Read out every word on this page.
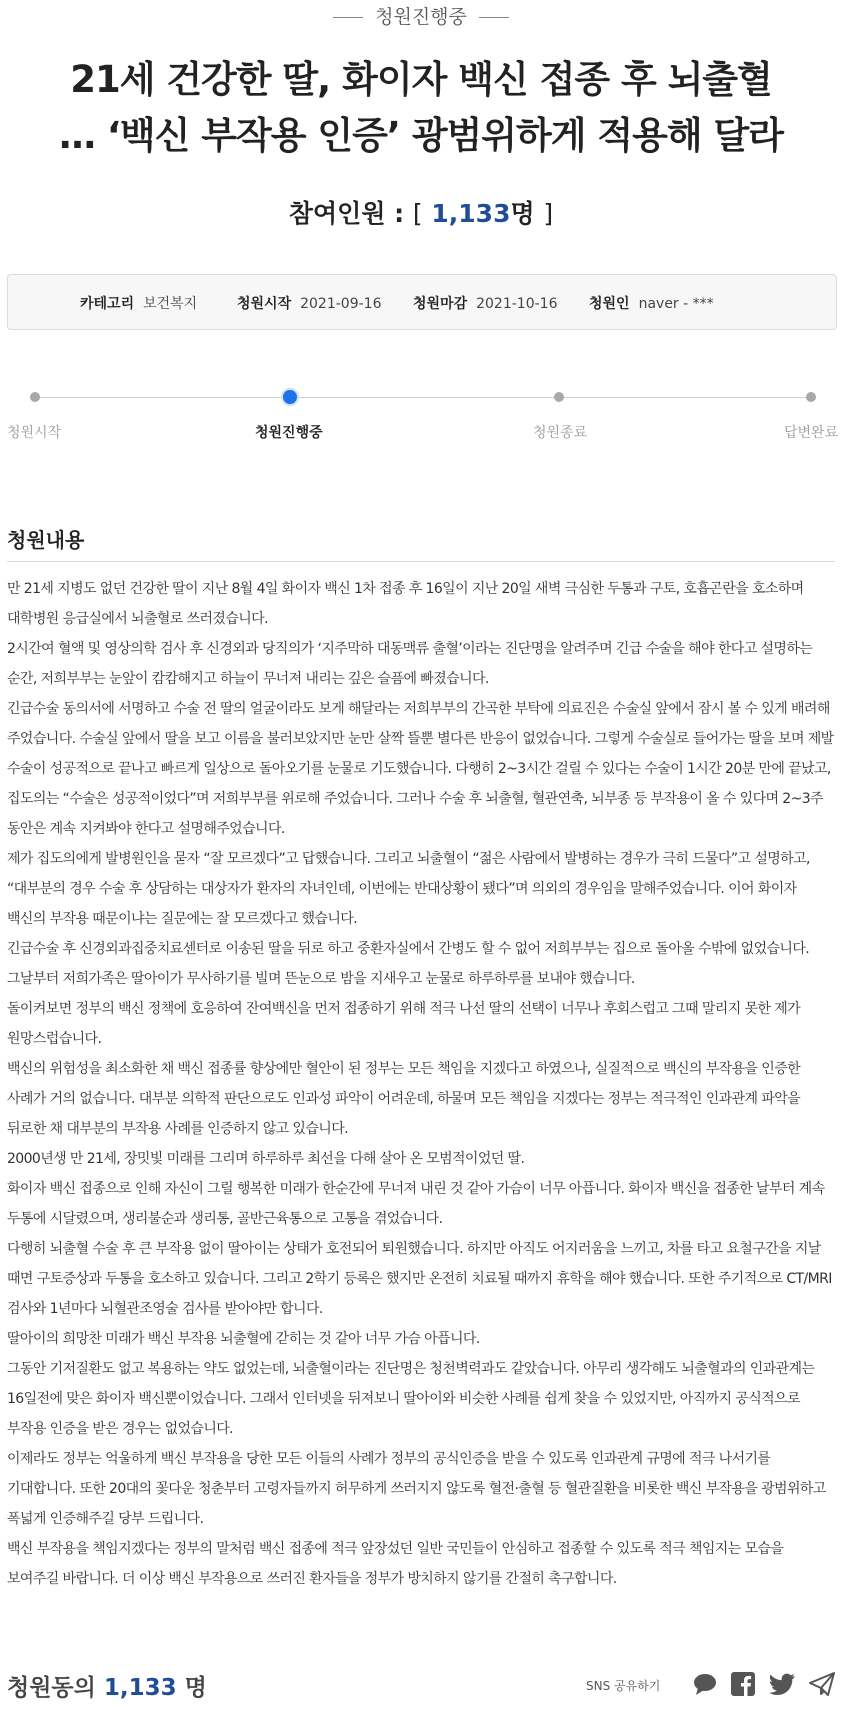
청원진행중
21세 건강한 딸, 화이자 백신 접종 후 뇌출혈
… ‘백신 부작용 인증’ 광범위하게 적용해 달라
참여인원 : [ 1,133명 ]
카테고리 보건복지	청원시작 2021-09-16 청원마감 2021-10-16 청원인 naver - ***
청원시작	청원진행중	청원종료	답변완료
청원내용

만 21세 지병도 없던 건강한 딸이 지난 8월 4일 화이자 백신 1차 접종 후 16일이 지난 20일 새벽 극심한 두통과 구토, 호흡곤란을 호소하며 대학병원 응급실에서 뇌출혈로 쓰러졌습니다.

2시간여 혈액 및 영상의학 검사 후 신경외과 당직의가 ‘지주막하 대동맥류 출혈’이라는 진단명을 알려주며 긴급 수술을 해야 한다고 설명하는 순간, 저희부부는 눈앞이 캄캄해지고 하늘이 무너져 내리는 깊은 슬픔에 빠졌습니다.

긴급수술 동의서에 서명하고 수술 전 딸의 얼굴이라도 보게 해달라는 저희부부의 간곡한 부탁에 의료진은 수술실 앞에서 잠시 볼 수 있게 배려해 주었습니다. 수술실 앞에서 딸을 보고 이름을 불러보았지만 눈만 살짝 뜰뿐 별다른 반응이 없었습니다. 그렇게 수술실로 들어가는 딸을 보며 제발 수술이 성공적으로 끝나고 빠르게 일상으로 돌아오기를 눈물로 기도했습니다. 다행히 2~3시간 걸릴 수 있다는 수술이 1시간 20분 만에 끝났고, 집도의는 “수술은 성공적이었다”며 저희부부를 위로해 주었습니다. 그러나 수술 후 뇌출혈, 혈관연축, 뇌부종 등 부작용이 올 수 있다며 2~3주 동안은 계속 지켜봐야 한다고 설명해주었습니다.

제가 집도의에게 발병원인을 묻자 “잘 모르겠다”고 답했습니다. 그리고 뇌출혈이 “젊은 사람에서 발병하는 경우가 극히 드물다”고 설명하고, “대부분의 경우 수술 후 상담하는 대상자가 환자의 자녀인데, 이번에는 반대상황이 됐다”며 의외의 경우임을 말해주었습니다. 이어 화이자 백신의 부작용 때문이냐는 질문에는 잘 모르겠다고 했습니다.

긴급수술 후 신경외과집중치료센터로 이송된 딸을 뒤로 하고 중환자실에서 간병도 할 수 없어 저희부부는 집으로 돌아올 수밖에 없었습니다. 그날부터 저희가족은 딸아이가 무사하기를 빌며 뜬눈으로 밤을 지새우고 눈물로 하루하루를 보내야 했습니다.

돌이켜보면 정부의 백신 정책에 호응하여 잔여백신을 먼저 접종하기 위해 적극 나선 딸의 선택이 너무나 후회스럽고 그때 말리지 못한 제가 원망스럽습니다.

백신의 위험성을 최소화한 채 백신 접종률 향상에만 혈안이 된 정부는 모든 책임을 지겠다고 하였으나, 실질적으로 백신의 부작용을 인증한 사례가 거의 없습니다. 대부분 의학적 판단으로도 인과성 파악이 어려운데, 하물며 모든 책임을 지겠다는 정부는 적극적인 인과관계 파악을 뒤로한 채 대부분의 부작용 사례를 인증하지 않고 있습니다.

2000년생 만 21세, 장밋빛 미래를 그리며 하루하루 최선을 다해 살아 온 모범적이었던 딸.

화이자 백신 접종으로 인해 자신이 그릴 행복한 미래가 한순간에 무너져 내린 것 같아 가슴이 너무 아픕니다. 화이자 백신을 접종한 날부터 계속 두통에 시달렸으며, 생리불순과 생리통, 골반근육통으로 고통을 겪었습니다.

다행히 뇌출혈 수술 후 큰 부작용 없이 딸아이는 상태가 호전되어 퇴원했습니다. 하지만 아직도 어지러움을 느끼고, 차를 타고 요철구간을 지날 때면 구토증상과 두통을 호소하고 있습니다. 그리고 2학기 등록은 했지만 온전히 치료될 때까지 휴학을 해야 했습니다. 또한 주기적으로 CT/MRI 검사와 1년마다 뇌혈관조영술 검사를 받아야만 합니다.

딸아이의 희망찬 미래가 백신 부작용 뇌출혈에 갇히는 것 같아 너무 가슴 아픕니다.

그동안 기저질환도 없고 복용하는 약도 없었는데, 뇌출혈이라는 진단명은 청천벽력과도 같았습니다. 아무리 생각해도 뇌출혈과의 인과관계는 16일전에 맞은 화이자 백신뿐이었습니다. 그래서 인터넷을 뒤져보니 딸아이와 비슷한 사례를 쉽게 찾을 수 있었지만, 아직까지 공식적으로 부작용 인증을 받은 경우는 없었습니다.

이제라도 정부는 억울하게 백신 부작용을 당한 모든 이들의 사례가 정부의 공식인증을 받을 수 있도록 인과관계 규명에 적극 나서기를 기대합니다. 또한 20대의 꽃다운 청춘부터 고령자들까지 허무하게 쓰러지지 않도록 혈전·출혈 등 혈관질환을 비롯한 백신 부작용을 광범위하고 폭넓게 인증해주길 당부 드립니다.

백신 부작용을 책임지겠다는 정부의 말처럼 백신 접종에 적극 앞장섰던 일반 국민들이 안심하고 접종할 수 있도록 적극 책임지는 모습을 보여주길 바랍니다. 더 이상 백신 부작용으로 쓰러진 환자들을 정부가 방치하지 않기를 간절히 촉구합니다.

청원동의 1,133 명	SNS 공유하기
